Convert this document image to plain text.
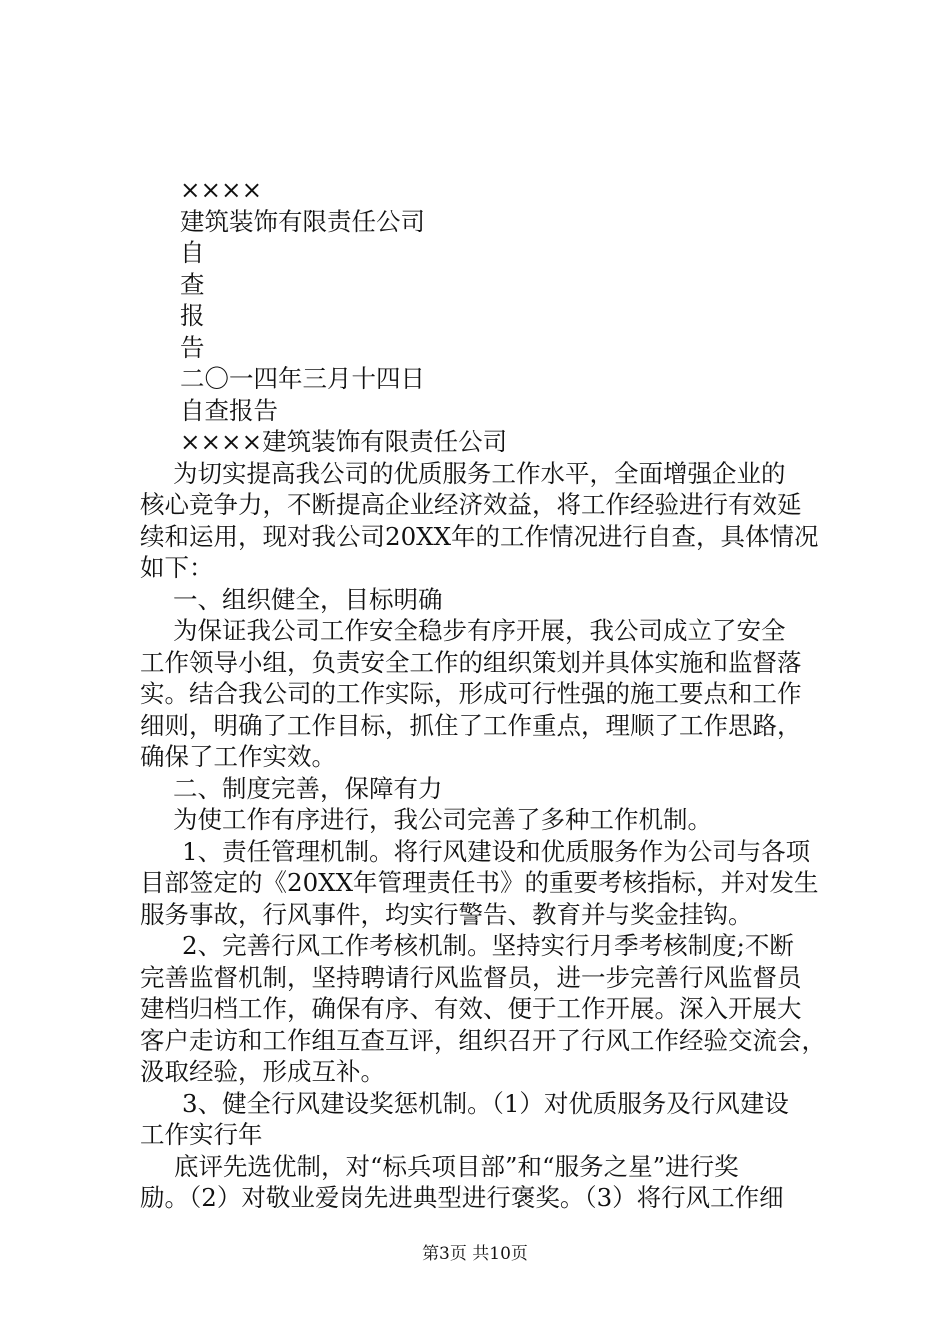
××××
建筑装饰有限责任公司
自
查
报
告
二〇一四年三月十四日
自查报告
××××建筑装饰有限责任公司
为切实提高我公司的优质服务工作水平，全面增强企业的
核心竞争力，不断提高企业经济效益，将工作经验进行有效延
续和运用，现对我公司20XX年的工作情况进行自查，具体情况
如下：
一、组织健全，目标明确
为保证我公司工作安全稳步有序开展，我公司成立了安全
工作领导小组，负责安全工作的组织策划并具体实施和监督落
实。结合我公司的工作实际，形成可行性强的施工要点和工作
细则，明确了工作目标，抓住了工作重点，理顺了工作思路，
确保了工作实效。
二、制度完善，保障有力
为使工作有序进行，我公司完善了多种工作机制。
1、责任管理机制。将行风建设和优质服务作为公司与各项
目部签定的《20XX年管理责任书》的重要考核指标，并对发生
服务事故，行风事件，均实行警告、教育并与奖金挂钩。
2、完善行风工作考核机制。坚持实行月季考核制度;不断
完善监督机制，坚持聘请行风监督员，进一步完善行风监督员
建档归档工作，确保有序、有效、便于工作开展。深入开展大
客户走访和工作组互查互评，组织召开了行风工作经验交流会，
汲取经验，形成互补。
3、健全行风建设奖惩机制。（1）对优质服务及行风建设
工作实行年
底评先选优制，对“标兵项目部”和“服务之星”进行奖
励。（2）对敬业爱岗先进典型进行褒奖。（3）将行风工作细
第3页 共10页
